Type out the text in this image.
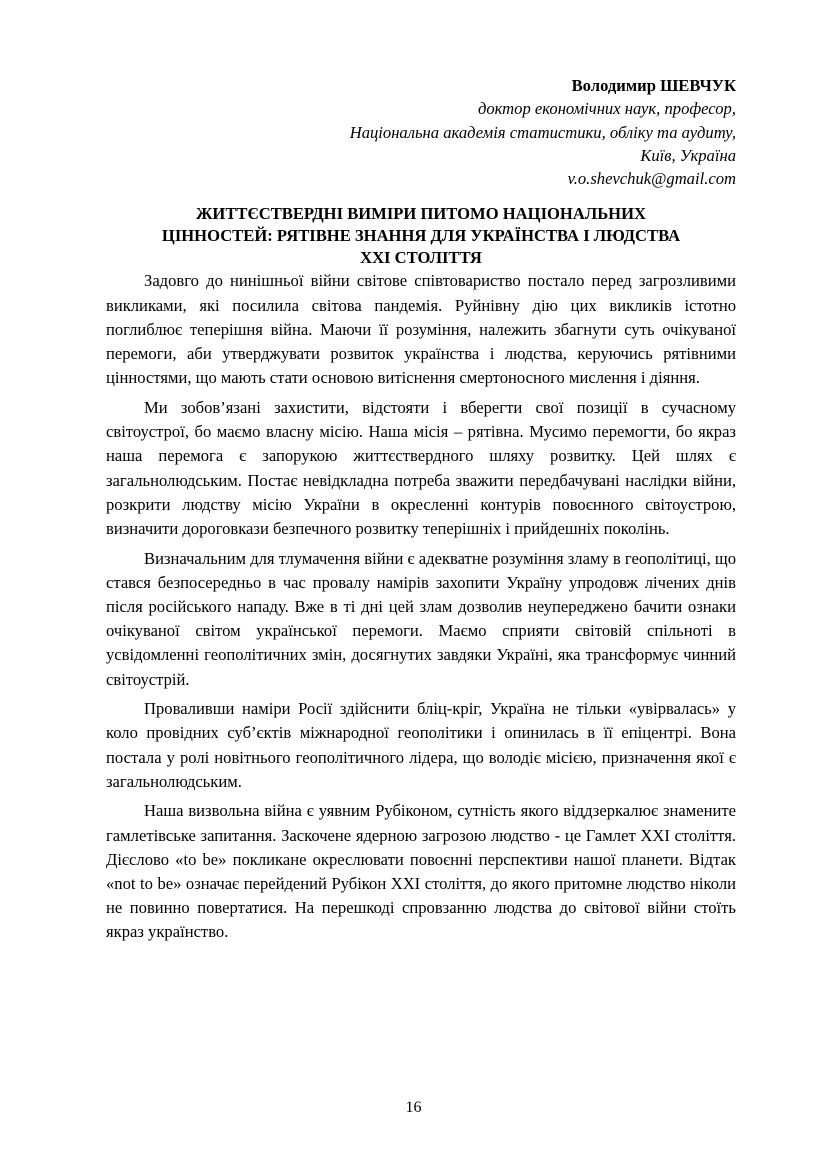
Володимир ШЕВЧУК
доктор економічних наук, професор,
Національна академія статистики, обліку та аудиту,
Київ, Україна
v.o.shevchuk@gmail.com
ЖИТТЄСТВЕРДНІ ВИМІРИ ПИТОМО НАЦІОНАЛЬНИХ ЦІННОСТЕЙ: РЯТІВНЕ ЗНАННЯ ДЛЯ УКРАЇНСТВА І ЛЮДСТВА XXI СТОЛІТТЯ

Задовго до нинішньої війни світове співтовариство постало перед загрозливими викликами, які посилила світова пандемія. Руйнівну дію цих викликів істотно поглиблює теперішня війна. Маючи її розуміння, належить збагнути суть очікуваної перемоги, аби утверджувати розвиток українства і людства, керуючись рятівними цінностями, що мають стати основою витіснення смертоносного мислення і діяння.

Ми зобов’язані захистити, відстояти і вберегти свої позиції в сучасному світоустрої, бо маємо власну місію. Наша місія – рятівна. Мусимо перемогти, бо якраз наша перемога є запорукою життєствердного шляху розвитку. Цей шлях є загальнолюдським. Постає невідкладна потреба зважити передбачувані наслідки війни, розкрити людству місію України в окресленні контурів повоєнного світоустрою, визначити дороговкази безпечного розвитку теперішніх і прийдешніх поколінь.

Визначальним для тлумачення війни є адекватне розуміння зламу в геополітиці, що стався безпосередньо в час провалу намірів захопити Україну упродовж лічених днів після російського нападу. Вже в ті дні цей злам дозволив неупереджено бачити ознаки очікуваної світом української перемоги. Маємо сприяти світовій спільноті в усвідомленні геополітичних змін, досягнутих завдяки Україні, яка трансформує чинний світоустрій.

Проваливши наміри Росії здійснити бліц-кріг, Україна не тільки «увірвалась» у коло провідних суб’єктів міжнародної геополітики і опинилась в її епіцентрі. Вона постала у ролі новітнього геополітичного лідера, що володіє місією, призначення якої є загальнолюдським.

Наша визвольна війна є уявним Рубіконом, сутність якого віддзеркалює знамените гамлетівське запитання. Заскочене ядерною загрозою людство - це Гамлет XXI століття. Дієслово «to be» покликане окреслювати повоєнні перспективи нашої планети. Відтак «not to be» означає перейдений Рубікон XXI століття, до якого притомне людство ніколи не повинно повертатися. На перешкоді спровзанню людства до світової війни стоїть якраз українство.

16
